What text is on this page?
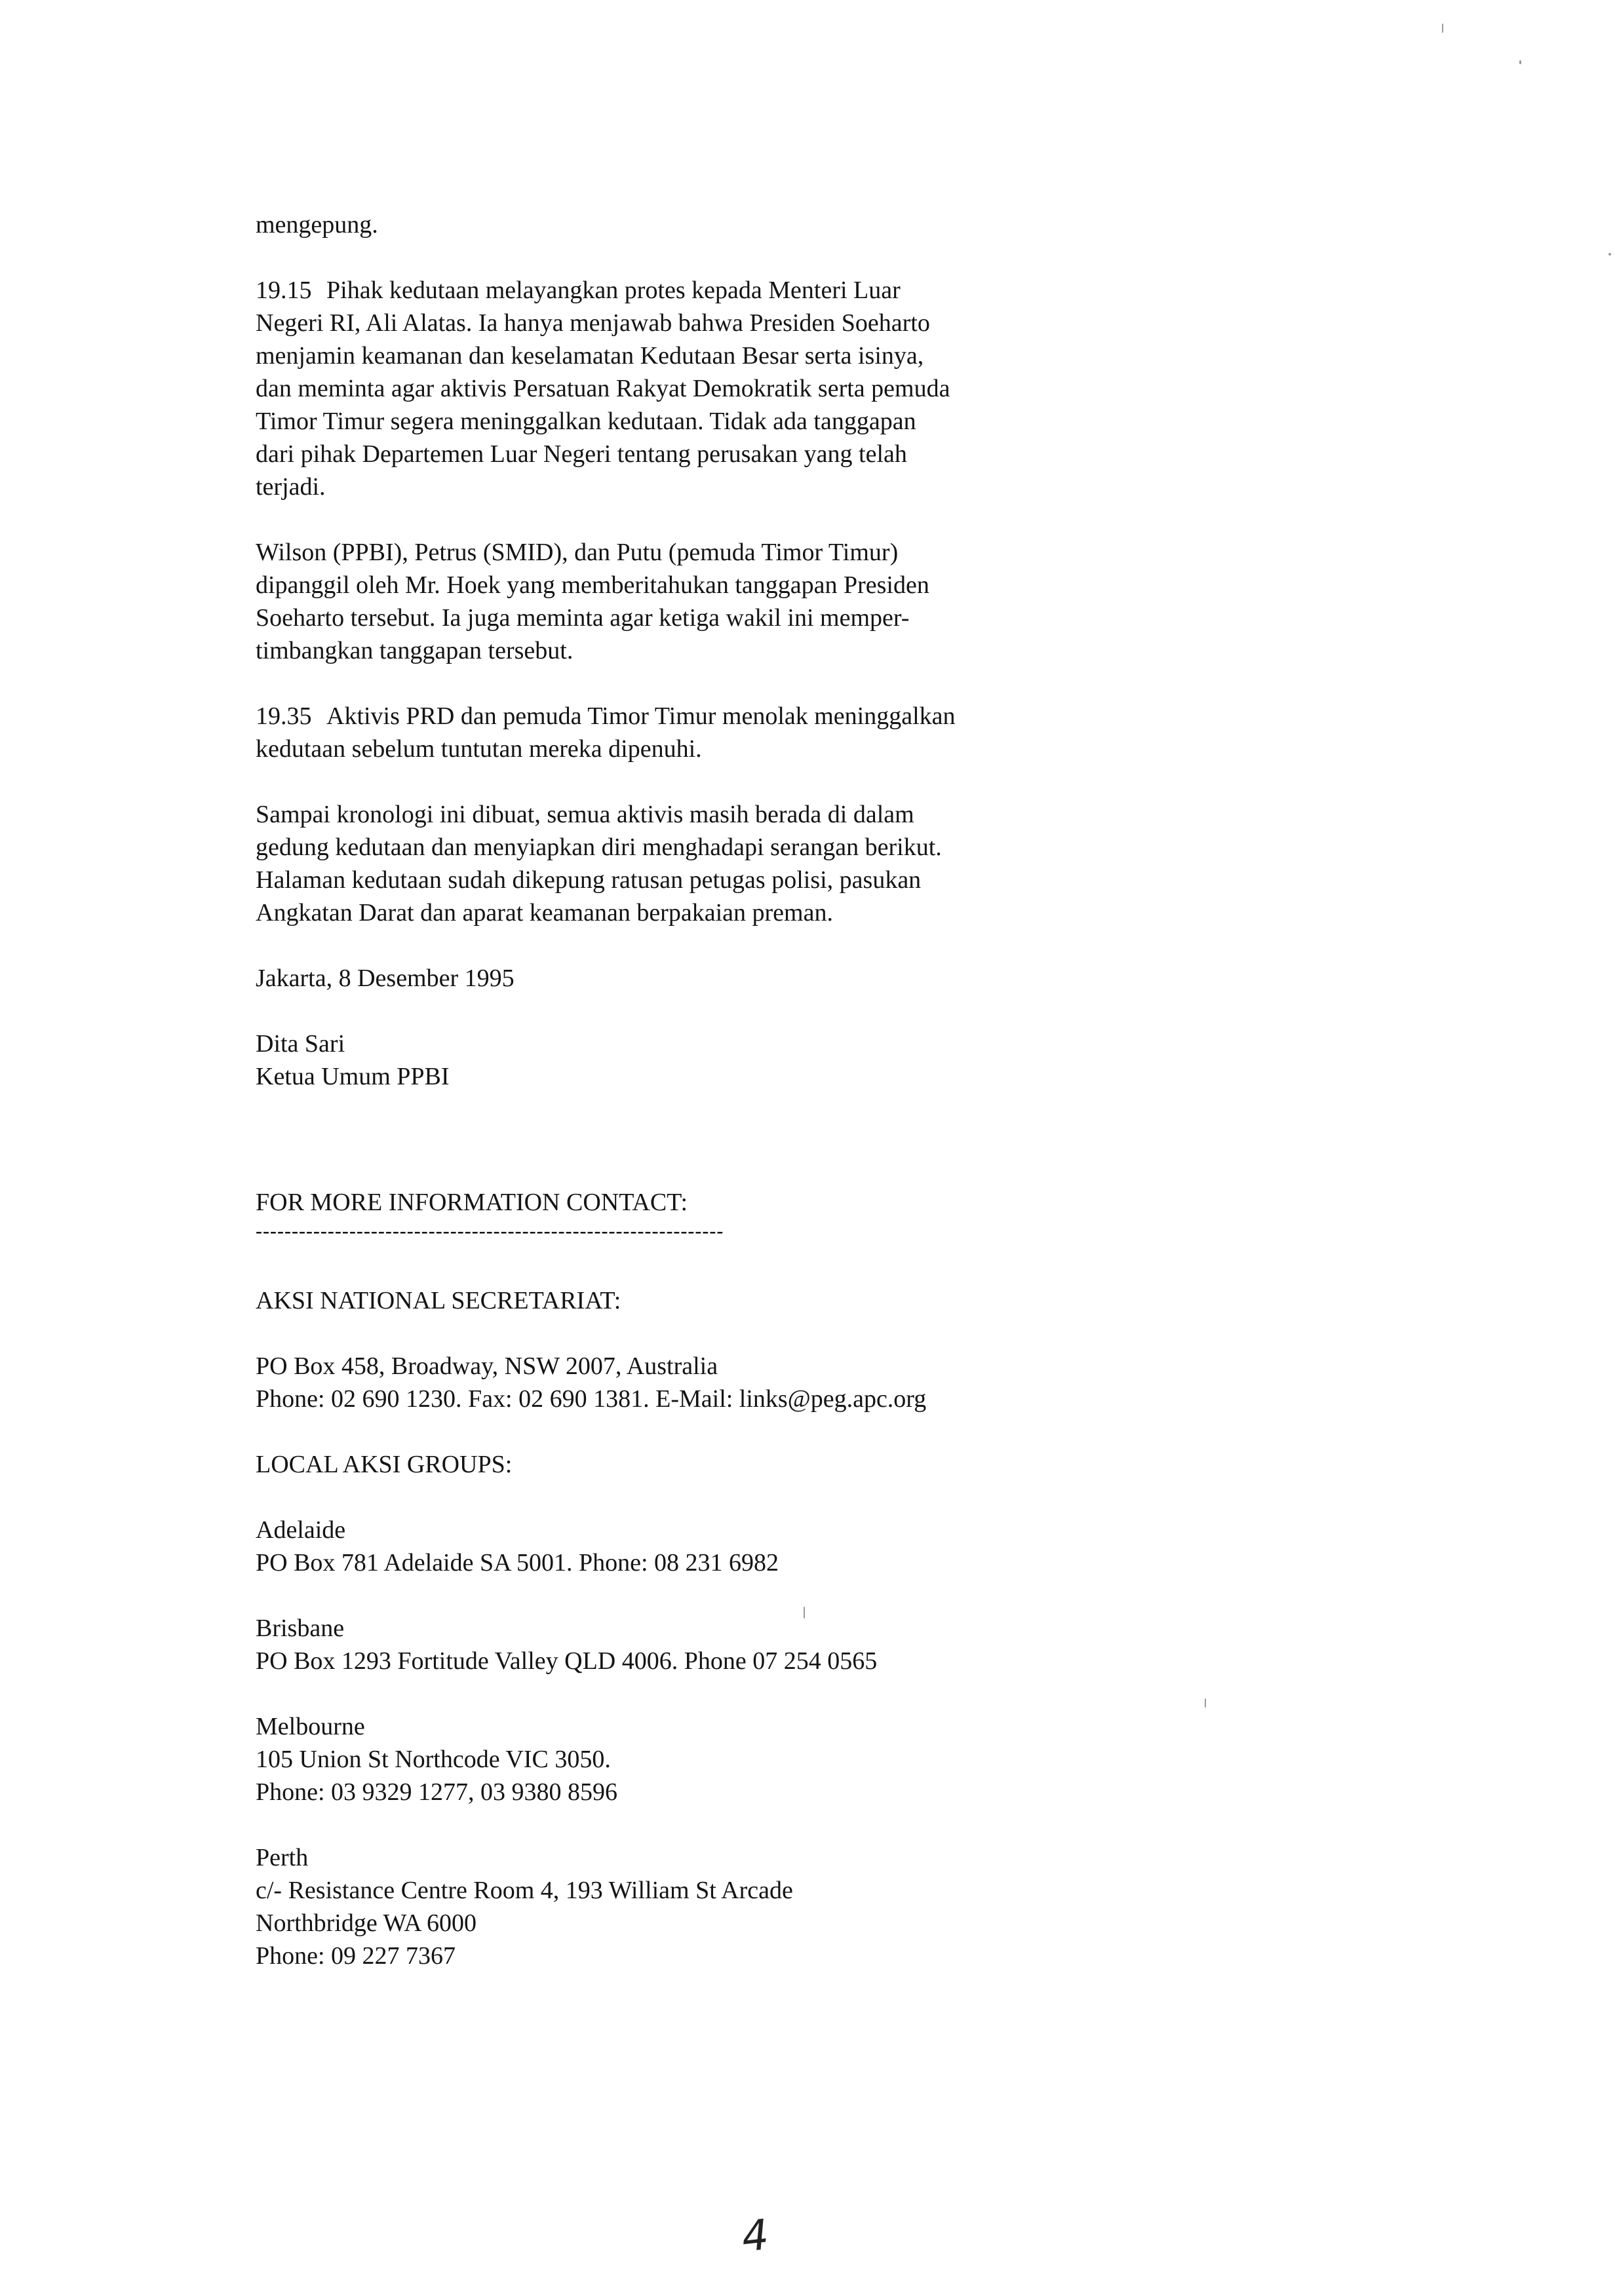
mengepung.

19.15 Pihak kedutaan melayangkan protes kepada Menteri Luar
Negeri RI, Ali Alatas. Ia hanya menjawab bahwa Presiden Soeharto
menjamin keamanan dan keselamatan Kedutaan Besar serta isinya,
dan meminta agar aktivis Persatuan Rakyat Demokratik serta pemuda
Timor Timur segera meninggalkan kedutaan. Tidak ada tanggapan
dari pihak Departemen Luar Negeri tentang perusakan yang telah
terjadi.

Wilson (PPBI), Petrus (SMID), dan Putu (pemuda Timor Timur)
dipanggil oleh Mr. Hoek yang memberitahukan tanggapan Presiden
Soeharto tersebut. Ia juga meminta agar ketiga wakil ini memper-
timbangkan tanggapan tersebut.

19.35 Aktivis PRD dan pemuda Timor Timur menolak meninggalkan
kedutaan sebelum tuntutan mereka dipenuhi.

Sampai kronologi ini dibuat, semua aktivis masih berada di dalam
gedung kedutaan dan menyiapkan diri menghadapi serangan berikut.
Halaman kedutaan sudah dikepung ratusan petugas polisi, pasukan
Angkatan Darat dan aparat keamanan berpakaian preman.

Jakarta, 8 Desember 1995

Dita Sari
Ketua Umum PPBI

FOR MORE INFORMATION CONTACT:
-----------------------------------------------------------------

AKSI NATIONAL SECRETARIAT:

PO Box 458, Broadway, NSW 2007, Australia
Phone: 02 690 1230. Fax: 02 690 1381. E-Mail: links@peg.apc.org

LOCAL AKSI GROUPS:

Adelaide
PO Box 781 Adelaide SA 5001. Phone: 08 231 6982

Brisbane
PO Box 1293 Fortitude Valley QLD 4006. Phone 07 254 0565

Melbourne
105 Union St Northcode VIC 3050.
Phone: 03 9329 1277, 03 9380 8596

Perth
c/- Resistance Centre Room 4, 193 William St Arcade
Northbridge WA 6000
Phone: 09 227 7367

4
